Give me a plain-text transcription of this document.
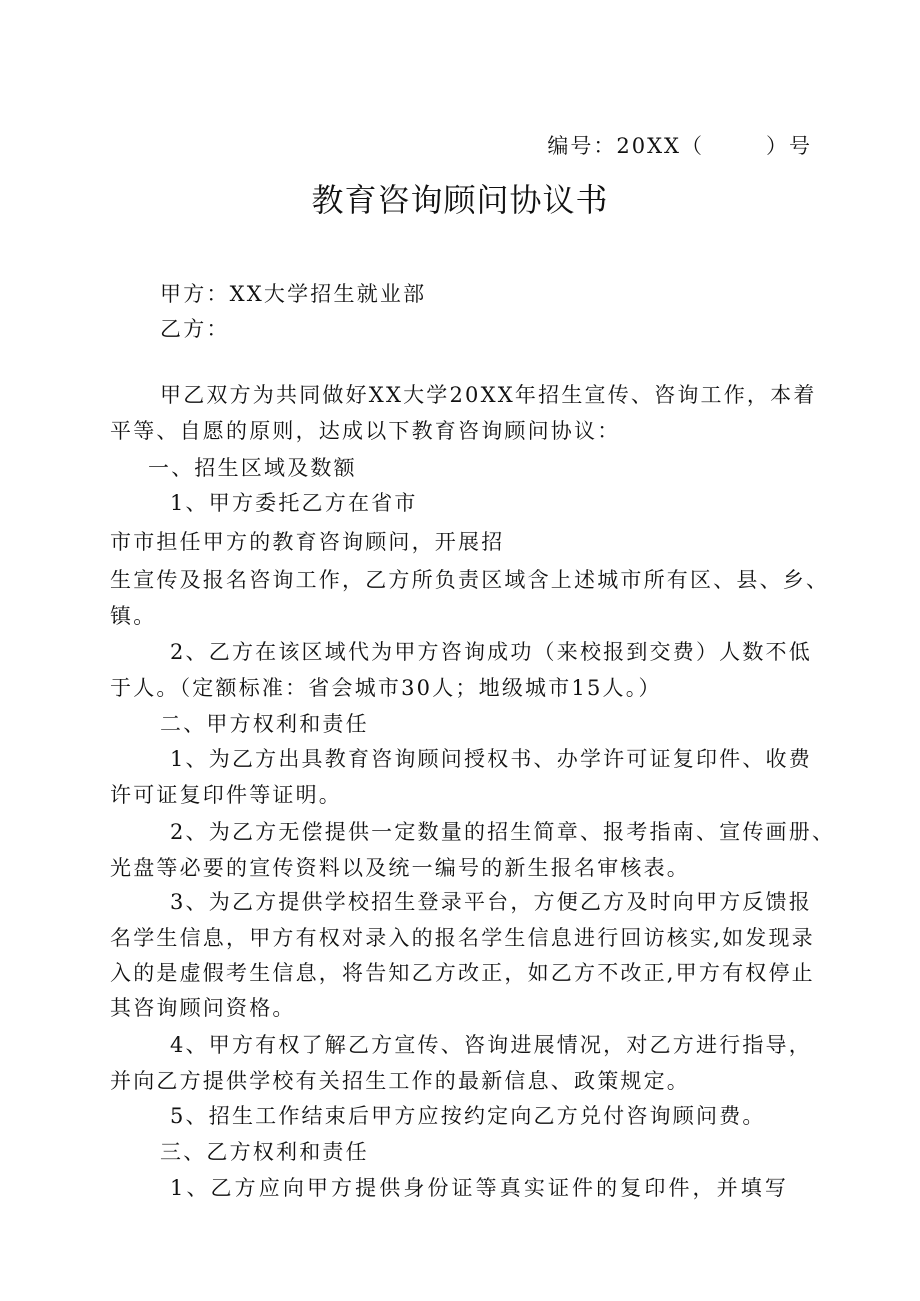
编号：20XX（	）号
教育咨询顾问协议书
甲方：XX大学招生就业部
乙方：
甲乙双方为共同做好XX大学20XX年招生宣传、咨询工作，本着
平等、自愿的原则，达成以下教育咨询顾问协议：
一、招生区域及数额
1、甲方委托乙方在省市
市市担任甲方的教育咨询顾问，开展招
生宣传及报名咨询工作，乙方所负责区域含上述城市所有区、县、乡、
镇。
2、乙方在该区域代为甲方咨询成功（来校报到交费）人数不低
于人。（定额标准：省会城市30人；地级城市15人。）
二、甲方权利和责任
1、为乙方出具教育咨询顾问授权书、办学许可证复印件、收费
许可证复印件等证明。
2、为乙方无偿提供一定数量的招生简章、报考指南、宣传画册、
光盘等必要的宣传资料以及统一编号的新生报名审核表。
3、为乙方提供学校招生登录平台，方便乙方及时向甲方反馈报
名学生信息，甲方有权对录入的报名学生信息进行回访核实,如发现录
入的是虚假考生信息，将告知乙方改正，如乙方不改正,甲方有权停止
其咨询顾问资格。
4、甲方有权了解乙方宣传、咨询进展情况，对乙方进行指导，
并向乙方提供学校有关招生工作的最新信息、政策规定。
5、招生工作结束后甲方应按约定向乙方兑付咨询顾问费。
三、乙方权利和责任
1、乙方应向甲方提供身份证等真实证件的复印件，并填写
